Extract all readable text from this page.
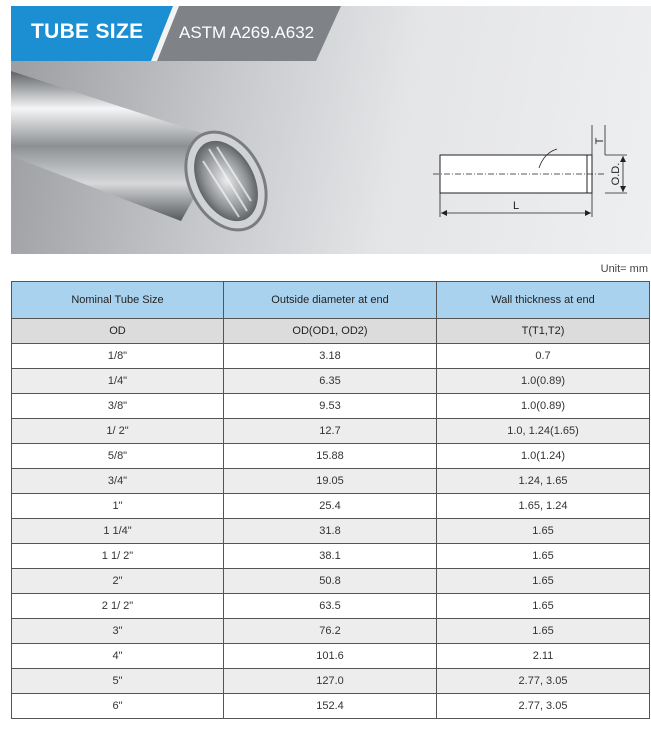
TUBE SIZE ASTM A269.A632
T
O.D.
L
Unit= mm
Nominal Tube Size	Outside diameter at end	Wall thickness at end
OD	OD(OD1, OD2)	T(T1,T2)
1/8"	3.18	0.7
1/4"	6.35	1.0(0.89)
3/8"	9.53	1.0(0.89)
1/ 2"	12.7	1.0, 1.24(1.65)
5/8"	15.88	1.0(1.24)
3/4"	19.05	1.24, 1.65
1"	25.4	1.65, 1.24
1 1/4"	31.8	1.65
1 1/ 2"	38.1	1.65
2"	50.8	1.65
2 1/ 2"	63.5	1.65
3"	76.2	1.65
4"	101.6	2.11
5"	127.0	2.77, 3.05
6"	152.4	2.77, 3.05
